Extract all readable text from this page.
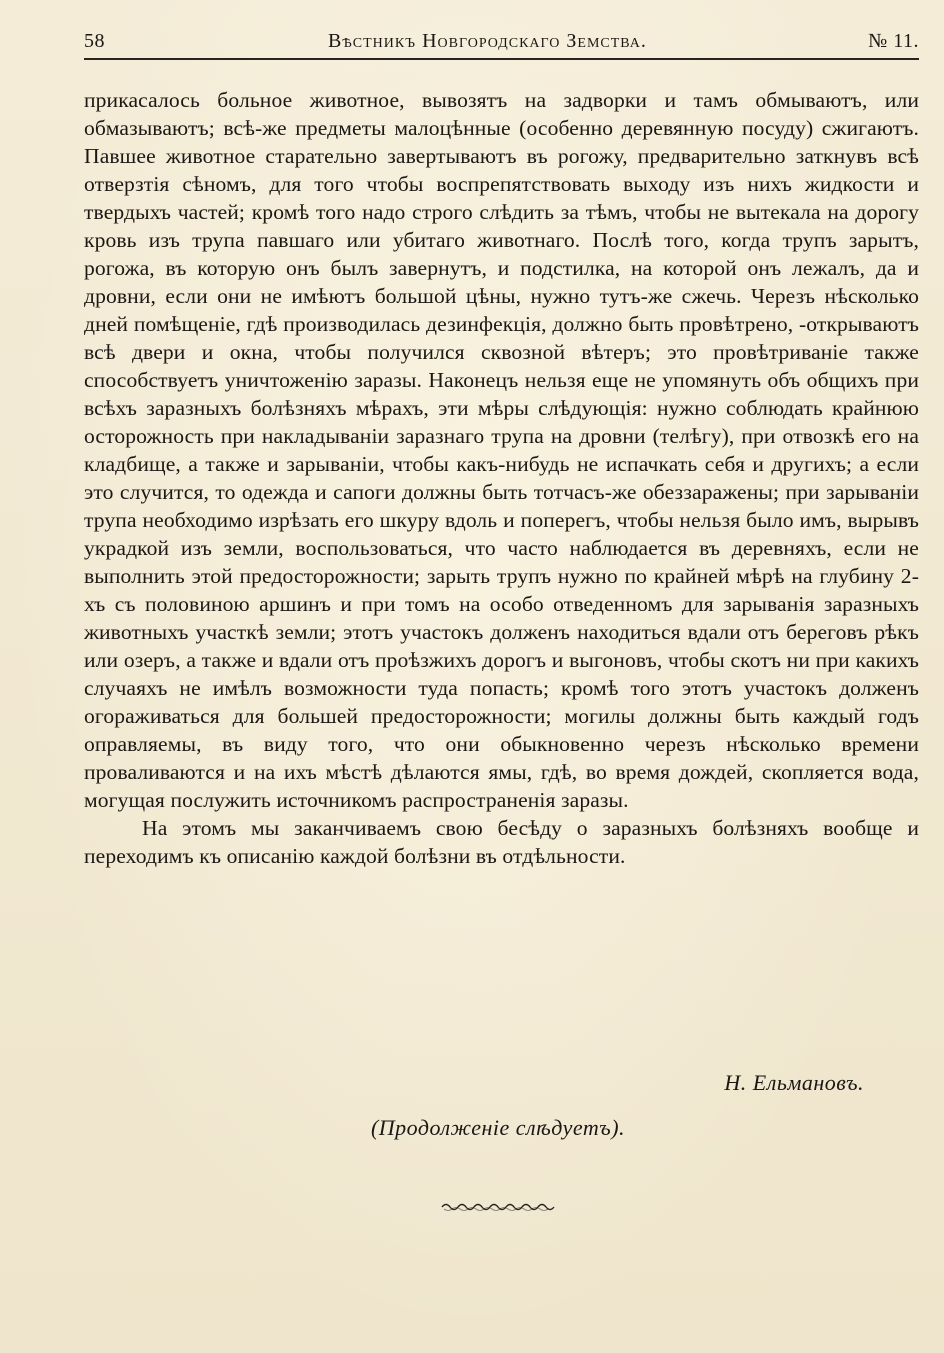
58	Вѣстникъ Новгородскаго Земства.	№ 11.

прикасалось больное животное, вывозятъ на задворки и тамъ обмываютъ, или обмазываютъ; всѣ-же предметы малоцѣнные (особенно деревянную посуду) сжигаютъ. Павшее животное старательно завертываютъ въ рогожу, предварительно заткнувъ всѣ отверзтія сѣномъ, для того чтобы воспрепятствовать выходу изъ нихъ жидкости и твердыхъ частей; кромѣ того надо строго слѣдить за тѣмъ, чтобы не вытекала на дорогу кровь изъ трупа павшаго или убитаго животнаго. Послѣ того, когда трупъ зарытъ, рогожа, въ которую онъ былъ завернутъ, и подстилка, на которой онъ лежалъ, да и дровни, если они не имѣютъ большой цѣны, нужно тутъ-же сжечь. Черезъ нѣсколько дней помѣщеніе, гдѣ производилась дезинфекція, должно быть провѣтрено, -открываютъ всѣ двери и окна, чтобы получился сквозной вѣтеръ; это провѣтриваніе также способствуетъ уничтоженію заразы. Наконецъ нельзя еще не упомянуть объ общихъ при всѣхъ заразныхъ болѣзняхъ мѣрахъ, эти мѣры слѣдующія: нужно соблюдать крайнюю осторожность при накладываніи заразнаго трупа на дровни (телѣгу), при отвозкѣ его на кладбище, а также и зарываніи, чтобы какъ-нибудь не испачкать себя и другихъ; а если это случится, то одежда и сапоги должны быть тотчасъ-же обеззаражены; при зарываніи трупа необходимо изрѣзать его шкуру вдоль и поперегъ, чтобы нельзя было имъ, вырывъ украдкой изъ земли, воспользоваться, что часто наблюдается въ деревняхъ, если не выполнить этой предосторожности; зарыть трупъ нужно по крайней мѣрѣ на глубину 2-хъ съ половиною аршинъ и при томъ на особо отведенномъ для зарыванія заразныхъ животныхъ участкѣ земли; этотъ участокъ долженъ находиться вдали отъ береговъ рѣкъ или озеръ, а также и вдали отъ проѣзжихъ дорогъ и выгоновъ, чтобы скотъ ни при какихъ случаяхъ не имѣлъ возможности туда попасть; кромѣ того этотъ участокъ долженъ огораживаться для большей предосторожности; могилы должны быть каждый годъ оправляемы, въ виду того, что они обыкновенно черезъ нѣсколько времени проваливаются и на ихъ мѣстѣ дѣлаются ямы, гдѣ, во время дождей, скопляется вода, могущая послужить источникомъ распространенія заразы.

На этомъ мы заканчиваемъ свою бесѣду о заразныхъ болѣзняхъ вообще и переходимъ къ описанію каждой болѣзни въ отдѣльности.

Н. Ельмановъ.
(Продолженіе слѣдуетъ).
